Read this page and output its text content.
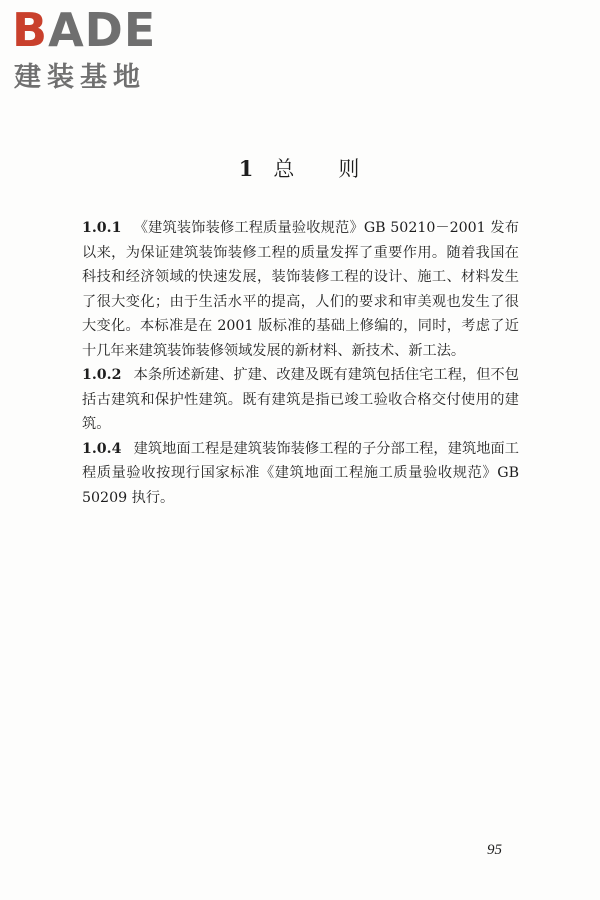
BADE
建装基地
1 总 则

1.0.1 《建筑装饰装修工程质量验收规范》GB 50210－2001 发布以来，为保证建筑装饰装修工程的质量发挥了重要作用。随着我国在科技和经济领域的快速发展，装饰装修工程的设计、施工、材料发生了很大变化；由于生活水平的提高，人们的要求和审美观也发生了很大变化。本标准是在 2001 版标准的基础上修编的，同时，考虑了近十几年来建筑装饰装修领域发展的新材料、新技术、新工法。

1.0.2 本条所述新建、扩建、改建及既有建筑包括住宅工程，但不包括古建筑和保护性建筑。既有建筑是指已竣工验收合格交付使用的建筑。

1.0.4 建筑地面工程是建筑装饰装修工程的子分部工程，建筑地面工程质量验收按现行国家标准《建筑地面工程施工质量验收规范》GB 50209 执行。

95
